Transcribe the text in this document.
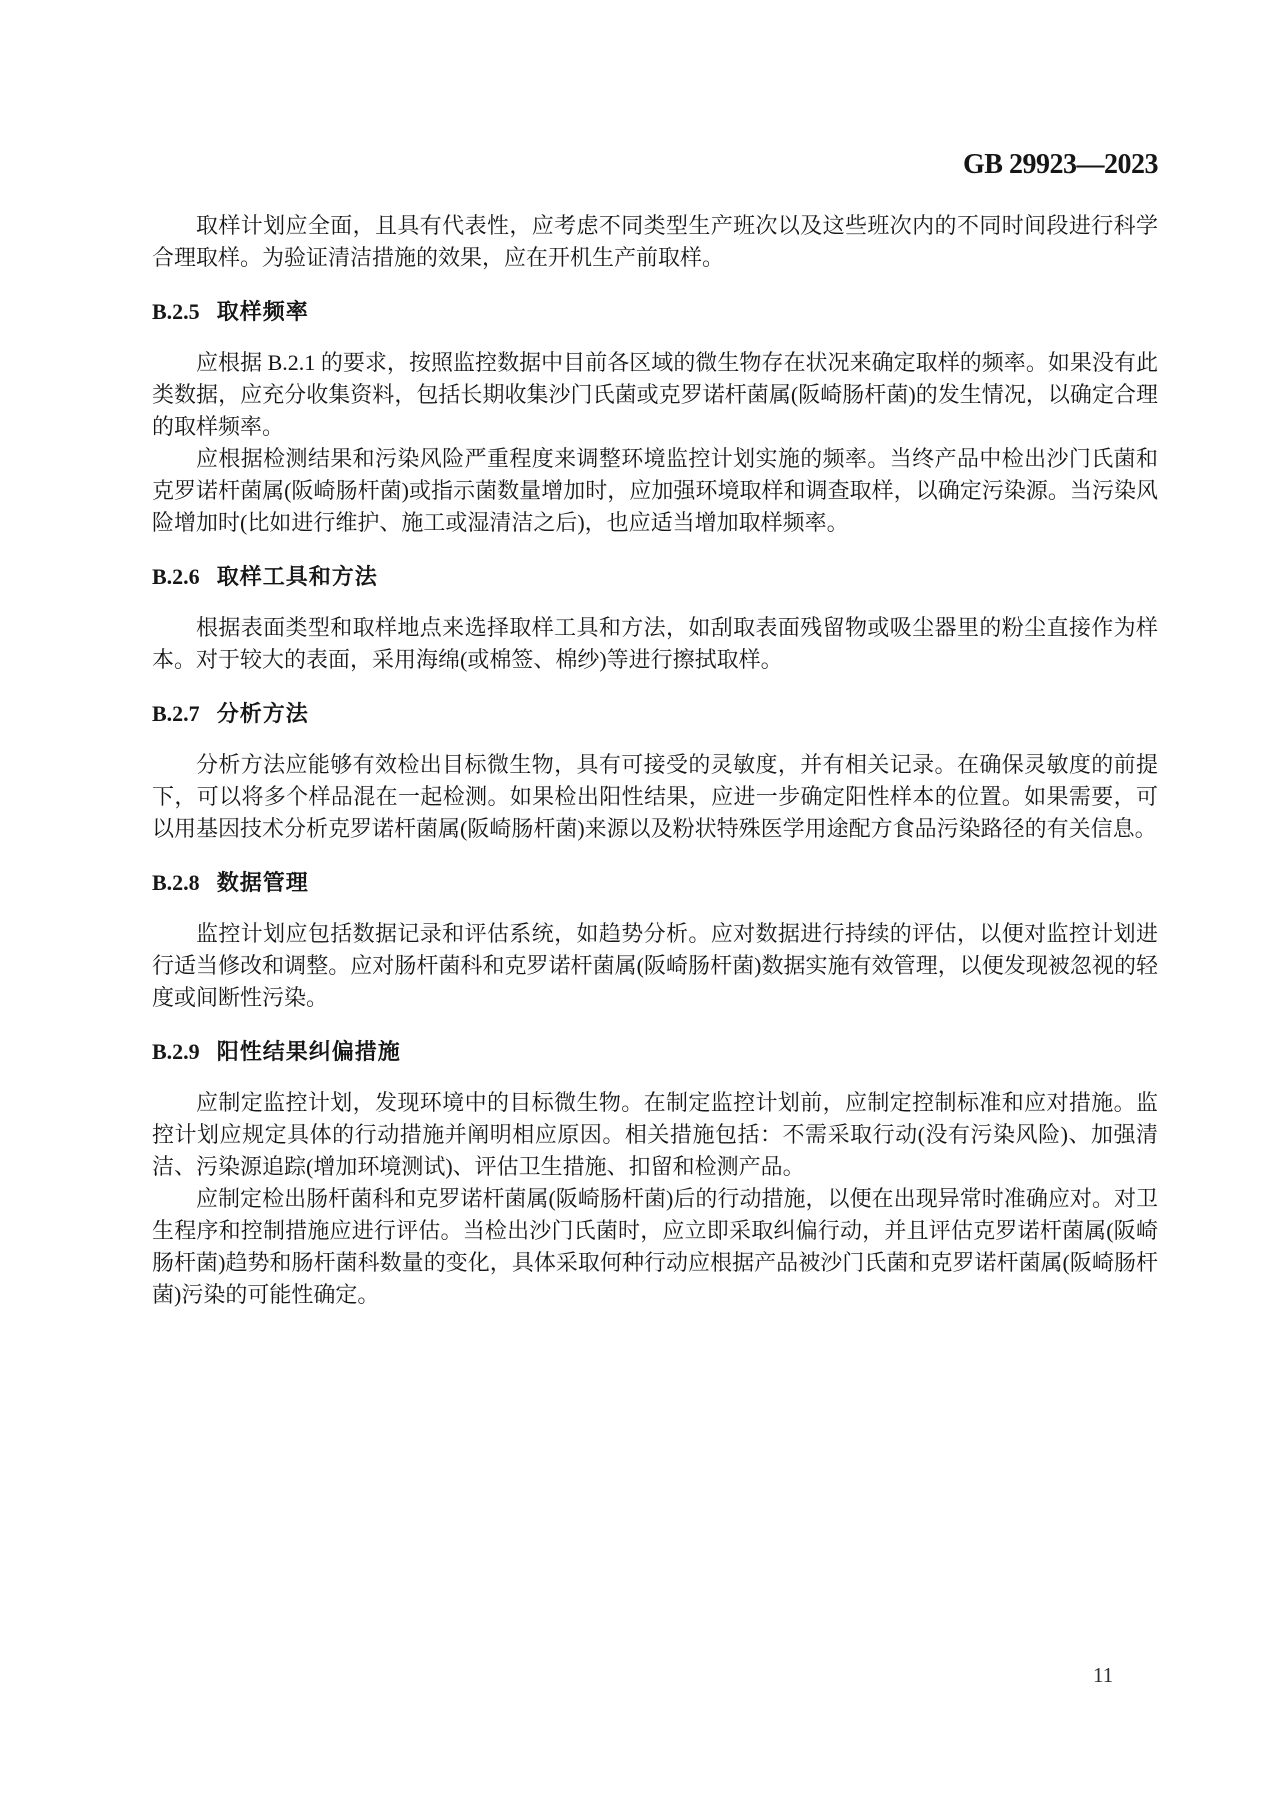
GB 29923—2023

取样计划应全面，且具有代表性，应考虑不同类型生产班次以及这些班次内的不同时间段进行科学合理取样。为验证清洁措施的效果，应在开机生产前取样。

B.2.5 取样频率

应根据 B.2.1 的要求，按照监控数据中目前各区域的微生物存在状况来确定取样的频率。如果没有此类数据，应充分收集资料，包括长期收集沙门氏菌或克罗诺杆菌属(阪崎肠杆菌)的发生情况，以确定合理的取样频率。

应根据检测结果和污染风险严重程度来调整环境监控计划实施的频率。当终产品中检出沙门氏菌和克罗诺杆菌属(阪崎肠杆菌)或指示菌数量增加时，应加强环境取样和调查取样，以确定污染源。当污染风险增加时(比如进行维护、施工或湿清洁之后)，也应适当增加取样频率。

B.2.6 取样工具和方法

根据表面类型和取样地点来选择取样工具和方法，如刮取表面残留物或吸尘器里的粉尘直接作为样本。对于较大的表面，采用海绵(或棉签、棉纱)等进行擦拭取样。

B.2.7 分析方法

分析方法应能够有效检出目标微生物，具有可接受的灵敏度，并有相关记录。在确保灵敏度的前提下，可以将多个样品混在一起检测。如果检出阳性结果，应进一步确定阳性样本的位置。如果需要，可以用基因技术分析克罗诺杆菌属(阪崎肠杆菌)来源以及粉状特殊医学用途配方食品污染路径的有关信息。

B.2.8 数据管理

监控计划应包括数据记录和评估系统，如趋势分析。应对数据进行持续的评估，以便对监控计划进行适当修改和调整。应对肠杆菌科和克罗诺杆菌属(阪崎肠杆菌)数据实施有效管理，以便发现被忽视的轻度或间断性污染。

B.2.9 阳性结果纠偏措施

应制定监控计划，发现环境中的目标微生物。在制定监控计划前，应制定控制标准和应对措施。监控计划应规定具体的行动措施并阐明相应原因。相关措施包括：不需采取行动(没有污染风险)、加强清洁、污染源追踪(增加环境测试)、评估卫生措施、扣留和检测产品。

应制定检出肠杆菌科和克罗诺杆菌属(阪崎肠杆菌)后的行动措施，以便在出现异常时准确应对。对卫生程序和控制措施应进行评估。当检出沙门氏菌时，应立即采取纠偏行动，并且评估克罗诺杆菌属(阪崎肠杆菌)趋势和肠杆菌科数量的变化，具体采取何种行动应根据产品被沙门氏菌和克罗诺杆菌属(阪崎肠杆菌)污染的可能性确定。

11
